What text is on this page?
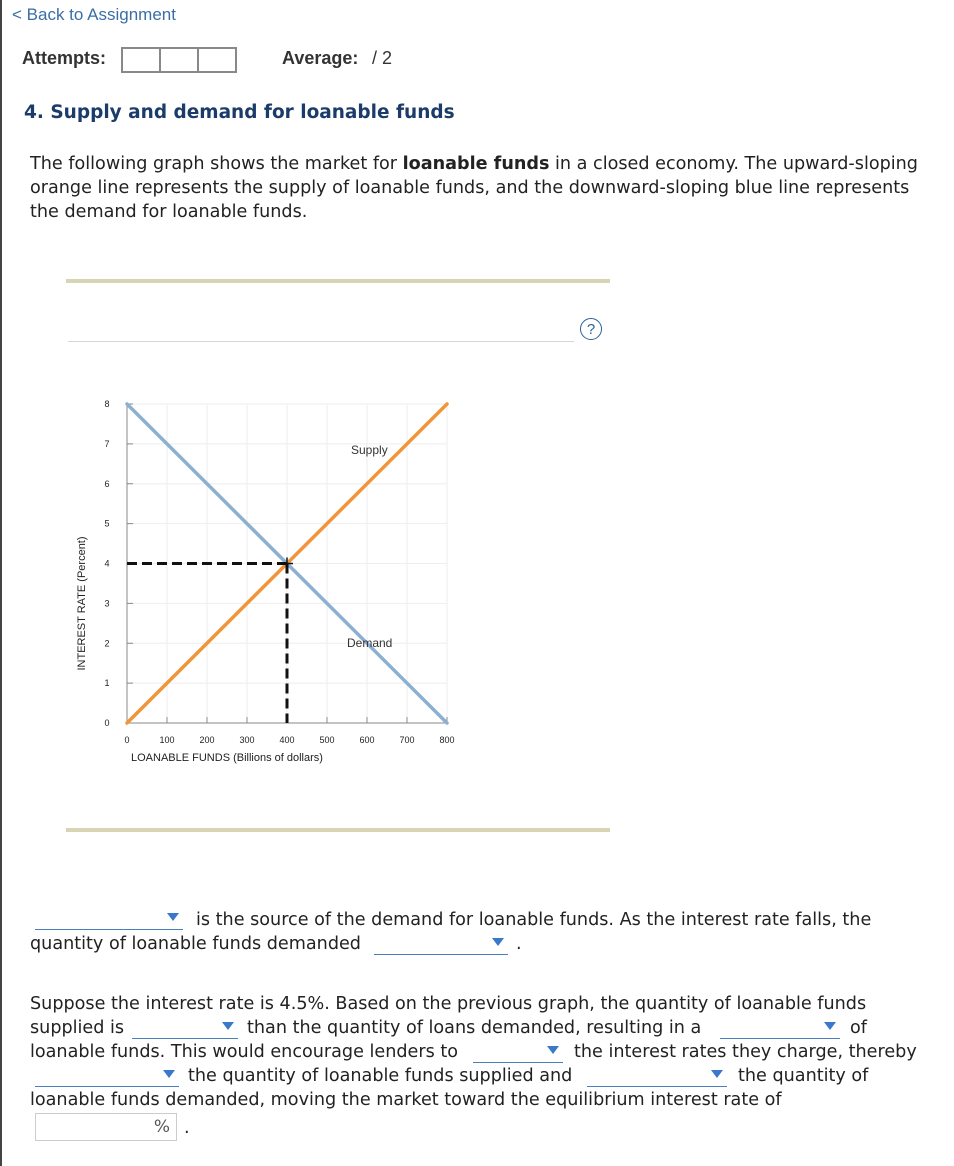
< Back to Assignment
Attempts:	Average: / 2
4. Supply and demand for loanable funds
The following graph shows the market for loanable funds in a closed economy. The upward-sloping orange line represents the supply of loanable funds, and the downward-sloping blue line represents the demand for loanable funds.
?
0
1
2
3
4
5
6
7
8
0	100	200	300	400	500	600	700	800
Supply
Demand
LOANABLE FUNDS (Billions of dollars)
INTEREST RATE (Percent)
is the source of the demand for loanable funds. As the interest rate falls, the
quantity of loanable funds demanded	.
Suppose the interest rate is 4.5%. Based on the previous graph, the quantity of loanable funds
supplied is	than the quantity of loans demanded, resulting in a	of
loanable funds. This would encourage lenders to	the interest rates they charge, thereby
the quantity of loanable funds supplied and	the quantity of
loanable funds demanded, moving the market toward the equilibrium interest rate of
% .
